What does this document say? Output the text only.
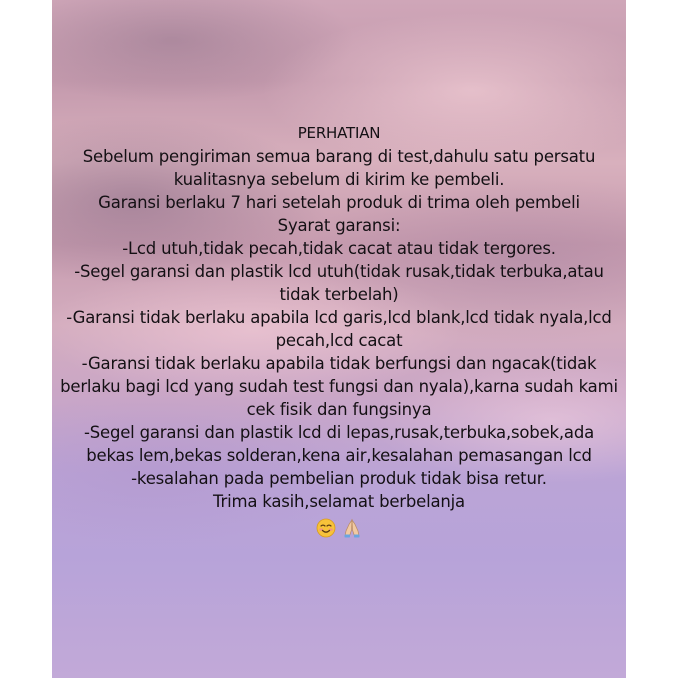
PERHATIAN
Sebelum pengiriman semua barang di test,dahulu satu persatu
kualitasnya sebelum di kirim ke pembeli.
Garansi berlaku 7 hari setelah produk di trima oleh pembeli
Syarat garansi:
-Lcd utuh,tidak pecah,tidak cacat atau tidak tergores.
-Segel garansi dan plastik lcd utuh(tidak rusak,tidak terbuka,atau
tidak terbelah)
-Garansi tidak berlaku apabila lcd garis,lcd blank,lcd tidak nyala,lcd
pecah,lcd cacat
-Garansi tidak berlaku apabila tidak berfungsi dan ngacak(tidak
berlaku bagi lcd yang sudah test fungsi dan nyala),karna sudah kami
cek fisik dan fungsinya
-Segel garansi dan plastik lcd di lepas,rusak,terbuka,sobek,ada
bekas lem,bekas solderan,kena air,kesalahan pemasangan lcd
-kesalahan pada pembelian produk tidak bisa retur.
Trima kasih,selamat berbelanja
